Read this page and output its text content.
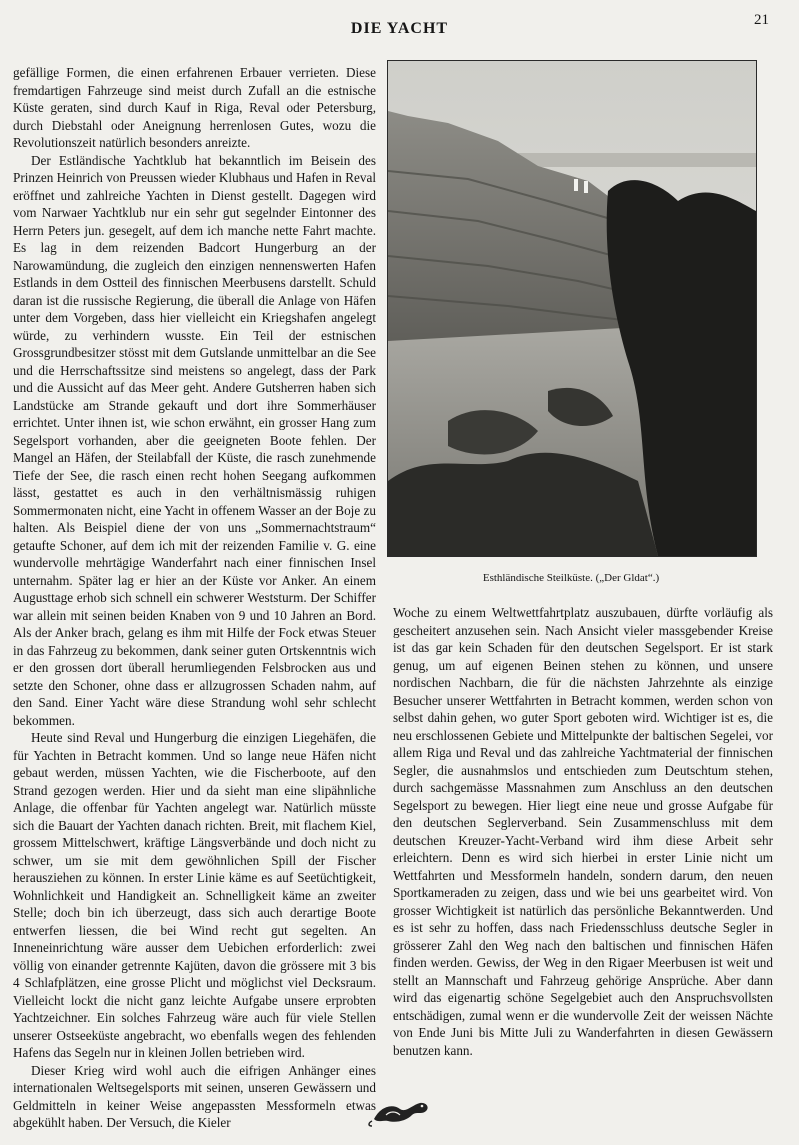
DIE YACHT	21

gefällige Formen, die einen erfahrenen Erbauer verrieten. Diese fremdartigen Fahrzeuge sind meist durch Zufall an die estnische Küste geraten, sind durch Kauf in Riga, Reval oder Petersburg, durch Diebstahl oder Aneignung herrenlosen Gutes, wozu die Revolutionszeit natürlich besonders anreizte.

Der Estländische Yachtklub hat bekanntlich im Beisein des Prinzen Heinrich von Preussen wieder Klubhaus und Hafen in Reval eröffnet und zahlreiche Yachten in Dienst gestellt. Dagegen wird vom Narwaer Yachtklub nur ein sehr gut segelnder Eintonner des Herrn Peters jun. gesegelt, auf dem ich manche nette Fahrt machte. Es lag in dem reizenden Badcort Hungerburg an der Narowamündung, die zugleich den einzigen nennenswerten Hafen Estlands in dem Ostteil des finnischen Meerbusens darstellt. Schuld daran ist die russische Regierung, die überall die Anlage von Häfen unter dem Vorgeben, dass hier vielleicht ein Kriegshafen angelegt würde, zu verhindern wusste. Ein Teil der estnischen Grossgrundbesitzer stösst mit dem Gutslande unmittelbar an die See und die Herrschaftssitze sind meistens so angelegt, dass der Park und die Aussicht auf das Meer geht. Andere Gutsherren haben sich Landstücke am Strande gekauft und dort ihre Sommerhäuser errichtet. Unter ihnen ist, wie schon erwähnt, ein grosser Hang zum Segelsport vorhanden, aber die geeigneten Boote fehlen. Der Mangel an Häfen, der Steilabfall der Küste, die rasch zunehmende Tiefe der See, die rasch einen recht hohen Seegang aufkommen lässt, gestattet es auch in den verhältnismässig ruhigen Sommermonaten nicht, eine Yacht in offenem Wasser an der Boje zu halten. Als Beispiel diene der von uns „Sommernachtstraum“ getaufte Schoner, auf dem ich mit der reizenden Familie v. G. eine wundervolle mehrtägige Wanderfahrt nach einer finnischen Insel unternahm. Später lag er hier an der Küste vor Anker. An einem Augusttage erhob sich schnell ein schwerer Weststurm. Der Schiffer war allein mit seinen beiden Knaben von 9 und 10 Jahren an Bord. Als der Anker brach, gelang es ihm mit Hilfe der Fock etwas Steuer in das Fahrzeug zu bekommen, dank seiner guten Ortskenntnis wich er den grossen dort überall herumliegenden Felsbrocken aus und setzte den Schoner, ohne dass er allzugrossen Schaden nahm, auf den Sand. Einer Yacht wäre diese Strandung wohl sehr schlecht bekommen.

Heute sind Reval und Hungerburg die einzigen Liegehäfen, die für Yachten in Betracht kommen. Und so lange neue Häfen nicht gebaut werden, müssen Yachten, wie die Fischerboote, auf den Strand gezogen werden. Hier und da sieht man eine slipähnliche Anlage, die offenbar für Yachten angelegt war. Natürlich müsste sich die Bauart der Yachten danach richten. Breit, mit flachem Kiel, grossem Mittelschwert, kräftige Längsverbände und doch nicht zu schwer, um sie mit dem gewöhnlichen Spill der Fischer herausziehen zu können. In erster Linie käme es auf Seetüchtigkeit, Wohnlichkeit und Handigkeit an. Schnelligkeit käme an zweiter Stelle; doch bin ich überzeugt, dass sich auch derartige Boote entwerfen liessen, die bei Wind recht gut segelten. An Inneneinrichtung wäre ausser dem Uebichen erforderlich: zwei völlig von einander getrennte Kajüten, davon die grössere mit 3 bis 4 Schlafplätzen, eine grosse Plicht und möglichst viel Decksraum. Vielleicht lockt die nicht ganz leichte Aufgabe unsere erprobten Yachtzeichner. Ein solches Fahrzeug wäre auch für viele Stellen unserer Ostseeküste angebracht, wo ebenfalls wegen des fehlenden Hafens das Segeln nur in kleinen Jollen betrieben wird.

Dieser Krieg wird wohl auch die eifrigen Anhänger eines internationalen Weltsegelsports mit seinen, unseren Gewässern und Geldmitteln in keiner Weise angepassten Messformeln etwas abgekühlt haben. Der Versuch, die Kieler

Esthländische Steilküste. („Der Gldat“.)

Woche zu einem Weltwettfahrtplatz auszubauen, dürfte vorläufig als gescheitert anzusehen sein. Nach Ansicht vieler massgebender Kreise ist das gar kein Schaden für den deutschen Segelsport. Er ist stark genug, um auf eigenen Beinen stehen zu können, und unsere nordischen Nachbarn, die für die nächsten Jahrzehnte als einzige Besucher unserer Wettfahrten in Betracht kommen, werden schon von selbst dahin gehen, wo guter Sport geboten wird. Wichtiger ist es, die neu erschlossenen Gebiete und Mittelpunkte der baltischen Segelei, vor allem Riga und Reval und das zahlreiche Yachtmaterial der finnischen Segler, die ausnahmslos und entschieden zum Deutschtum stehen, durch sachgemässe Massnahmen zum Anschluss an den deutschen Segelsport zu bewegen. Hier liegt eine neue und grosse Aufgabe für den deutschen Seglerverband. Sein Zusammenschluss mit dem deutschen Kreuzer-Yacht-Verband wird ihm diese Arbeit sehr erleichtern. Denn es wird sich hierbei in erster Linie nicht um Wettfahrten und Messformeln handeln, sondern darum, den neuen Sportkameraden zu zeigen, dass und wie bei uns gearbeitet wird. Von grosser Wichtigkeit ist natürlich das persönliche Bekanntwerden. Und es ist sehr zu hoffen, dass nach Friedensschluss deutsche Segler in grösserer Zahl den Weg nach den baltischen und finnischen Häfen finden werden. Gewiss, der Weg in den Rigaer Meerbusen ist weit und stellt an Mannschaft und Fahrzeug gehörige Ansprüche. Aber dann wird das eigenartig schöne Segelgebiet auch den Anspruchsvollsten entschädigen, zumal wenn er die wundervolle Zeit der weissen Nächte von Ende Juni bis Mitte Juli zu Wanderfahrten in diesen Gewässern benutzen kann.
